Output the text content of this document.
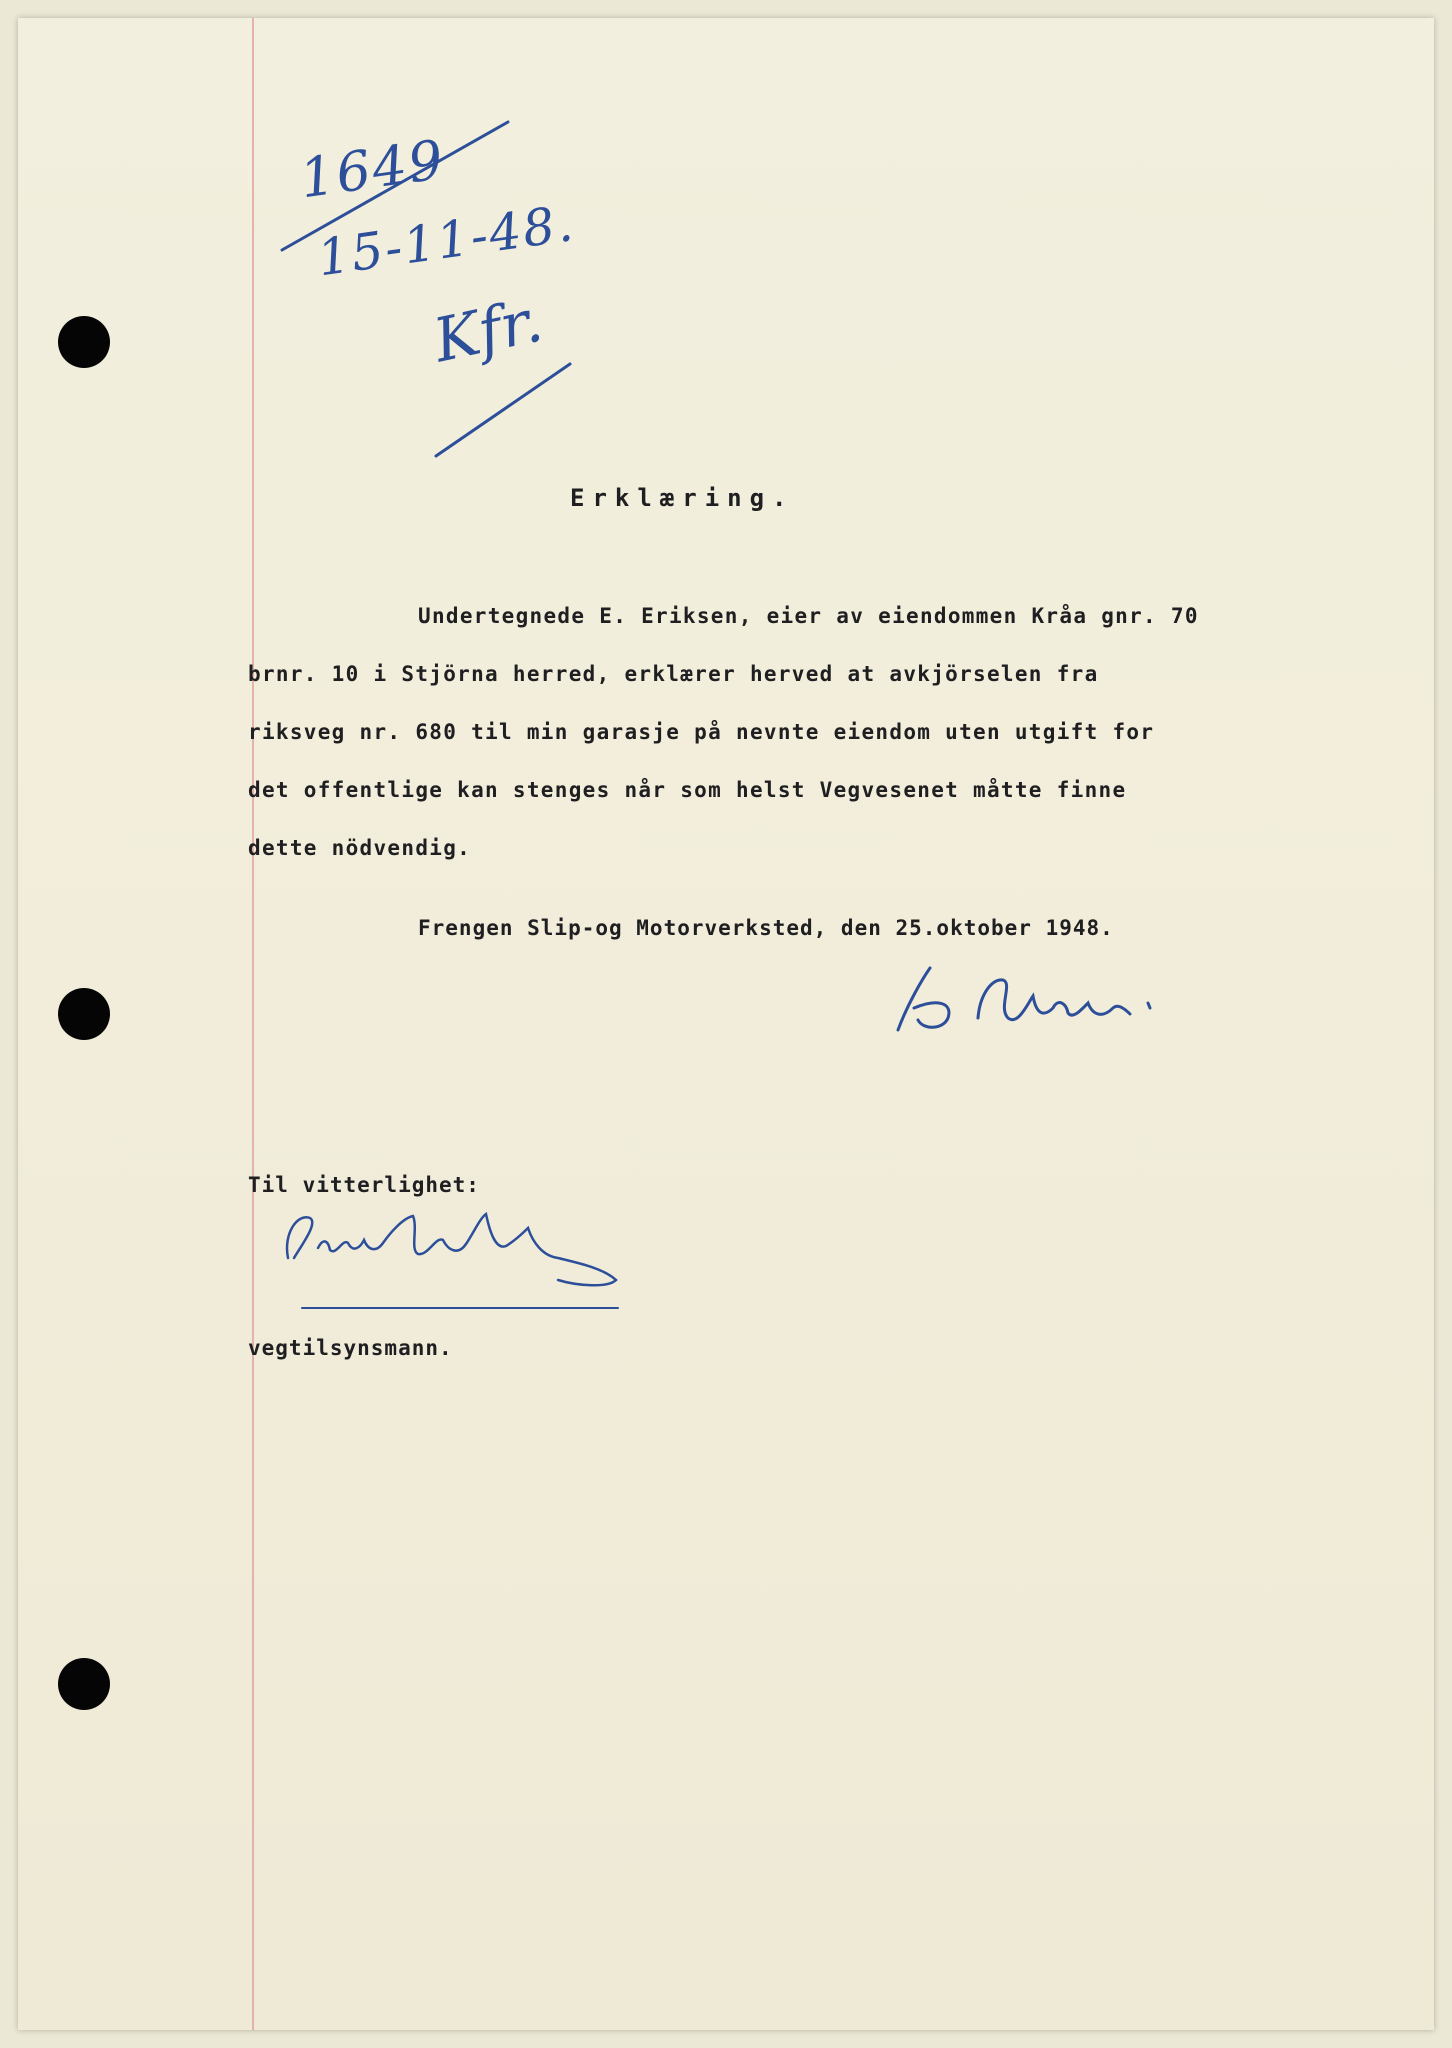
1649
15-11-48.
Kfr.
Erklæring.
Undertegnede E. Eriksen, eier av eiendommen Kråa gnr. 70
brnr. 10 i Stjörna herred, erklærer herved at avkjörselen fra
riksveg nr. 680 til min garasje på nevnte eiendom uten utgift for
det offentlige kan stenges når som helst Vegvesenet måtte finne
dette nödvendig.
Frengen Slip-og Motorverksted, den 25.oktober 1948.
Til vitterlighet:
vegtilsynsmann.
